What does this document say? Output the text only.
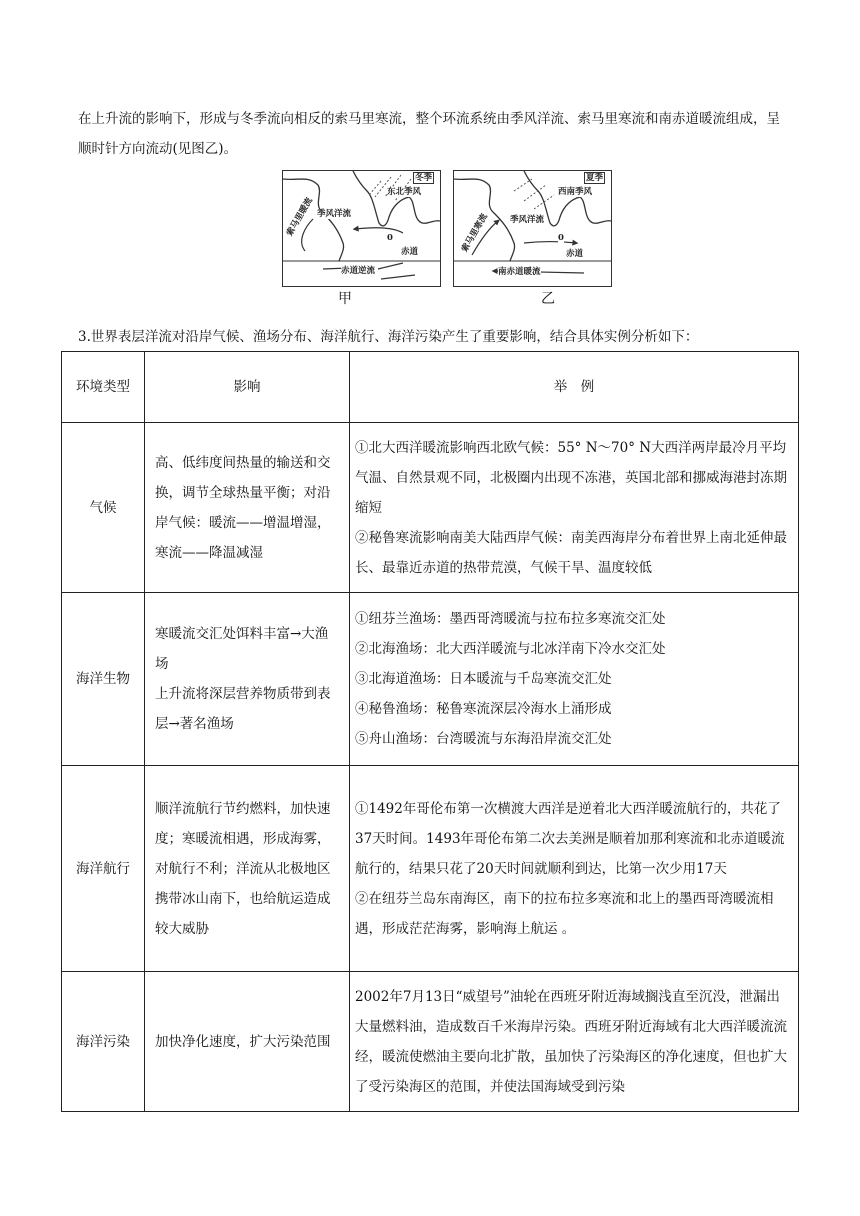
在上升流的影响下，形成与冬季流向相反的索马里寒流，整个环流系统由季风洋流、索马里寒流和南赤道暖流组成，呈顺时针方向流动(见图乙)。
冬季
东北季风
季风洋流
索马里暖流	0
赤道
赤道逆流
夏季
西南季风
季风洋流
索马里寒流	0
赤道
南赤道暖流
甲	乙
3.世界表层洋流对沿岸气候、渔场分布、海洋航行、海洋污染产生了重要影响，结合具体实例分析如下：
环境类型	影响	举　例
气候	高、低纬度间热量的输送和交换，调节全球热量平衡；对沿岸气候：暖流——增温增湿，寒流——降温减湿	①北大西洋暖流影响西北欧气候：55° N～70° N大西洋两岸最冷月平均气温、自然景观不同，北极圈内出现不冻港，英国北部和挪威海港封冻期缩短
②秘鲁寒流影响南美大陆西岸气候：南美西海岸分布着世界上南北延伸最长、最靠近赤道的热带荒漠，气候干旱、温度较低

海洋生物	寒暖流交汇处饵料丰富→大渔场
上升流将深层营养物质带到表层→著名渔场	①纽芬兰渔场：墨西哥湾暖流与拉布拉多寒流交汇处
②北海渔场：北大西洋暖流与北冰洋南下冷水交汇处
③北海道渔场：日本暖流与千岛寒流交汇处
④秘鲁渔场：秘鲁寒流深层冷海水上涌形成
⑤舟山渔场：台湾暖流与东海沿岸流交汇处

海洋航行	顺洋流航行节约燃料，加快速度；寒暖流相遇，形成海雾，对航行不利；洋流从北极地区携带冰山南下，也给航运造成较大威胁	①1492年哥伦布第一次横渡大西洋是逆着北大西洋暖流航行的，共花了37天时间。1493年哥伦布第二次去美洲是顺着加那利寒流和北赤道暖流航行的，结果只花了20天时间就顺利到达，比第一次少用17天
②在纽芬兰岛东南海区，南下的拉布拉多寒流和北上的墨西哥湾暖流相遇，形成茫茫海雾，影响海上航运 。

海洋污染	加快净化速度，扩大污染范围	2002年7月13日“威望号”油轮在西班牙附近海域搁浅直至沉没，泄漏出大量燃料油，造成数百千米海岸污染。西班牙附近海域有北大西洋暖流流经，暖流使燃油主要向北扩散，虽加快了污染海区的净化速度，但也扩大了受污染海区的范围，并使法国海域受到污染
